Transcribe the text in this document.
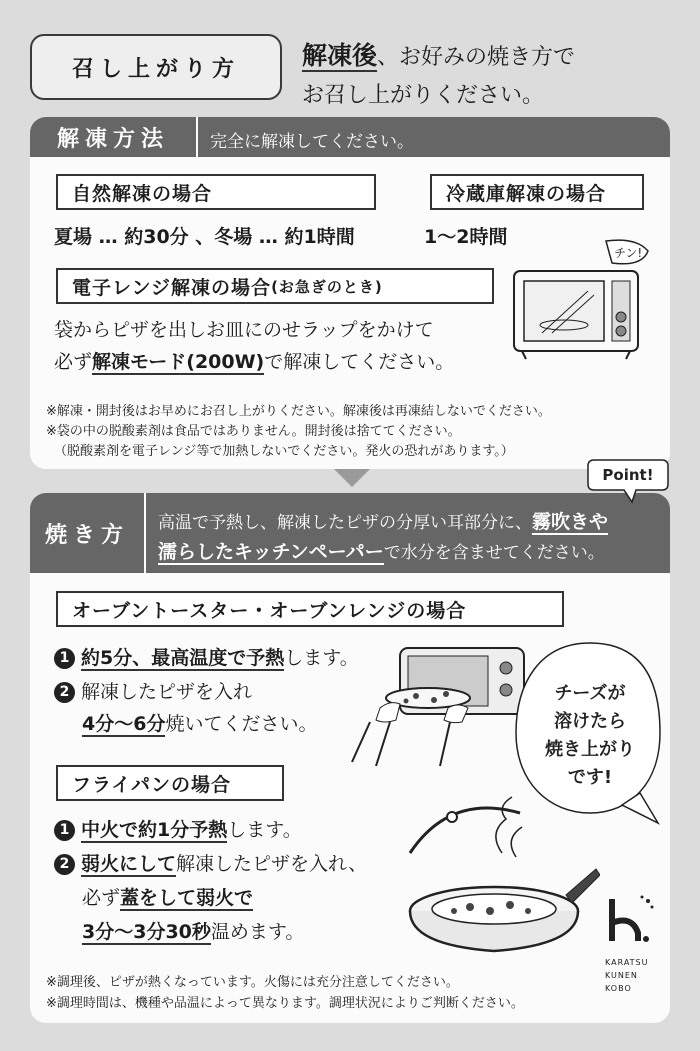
召し上がり方	解凍後、お好みの焼き方で
お召し上がりください。
解凍方法	完全に解凍してください。
自然解凍の場合
夏場 … 約30分 、冬場 … 約1時間
冷蔵庫解凍の場合
1～2時間
電子レンジ解凍の場合 (お急ぎのとき)
袋からピザを出しお皿にのせラップをかけて
必ず解凍モード(200W)で解凍してください。
チン!
※解凍・開封後はお早めにお召し上がりください。解凍後は再凍結しないでください。
※袋の中の脱酸素剤は食品ではありません。開封後は捨ててください。
（脱酸素剤を電子レンジ等で加熱しないでください。発火の恐れがあります。）
焼き方	高温で予熱し、解凍したピザの分厚い耳部分に、霧吹きや
濡らしたキッチンペーパーで水分を含ませてください。
オーブントースター・オーブンレンジの場合
1 約5分、最高温度で予熱します。
2 解凍したピザを入れ
4分～6分焼いてください。
チーズが
溶けたら
焼き上がり
です!
フライパンの場合
1 中火で約1分予熱します。
2 弱火にして解凍したピザを入れ、
必ず蓋をして弱火で
3分～3分30秒温めます。
KARATSU
KUNEN
KOBO
※調理後、ピザが熱くなっています。火傷には充分注意してください。
※調理時間は、機種や品温によって異なります。調理状況によりご判断ください。
Point!
